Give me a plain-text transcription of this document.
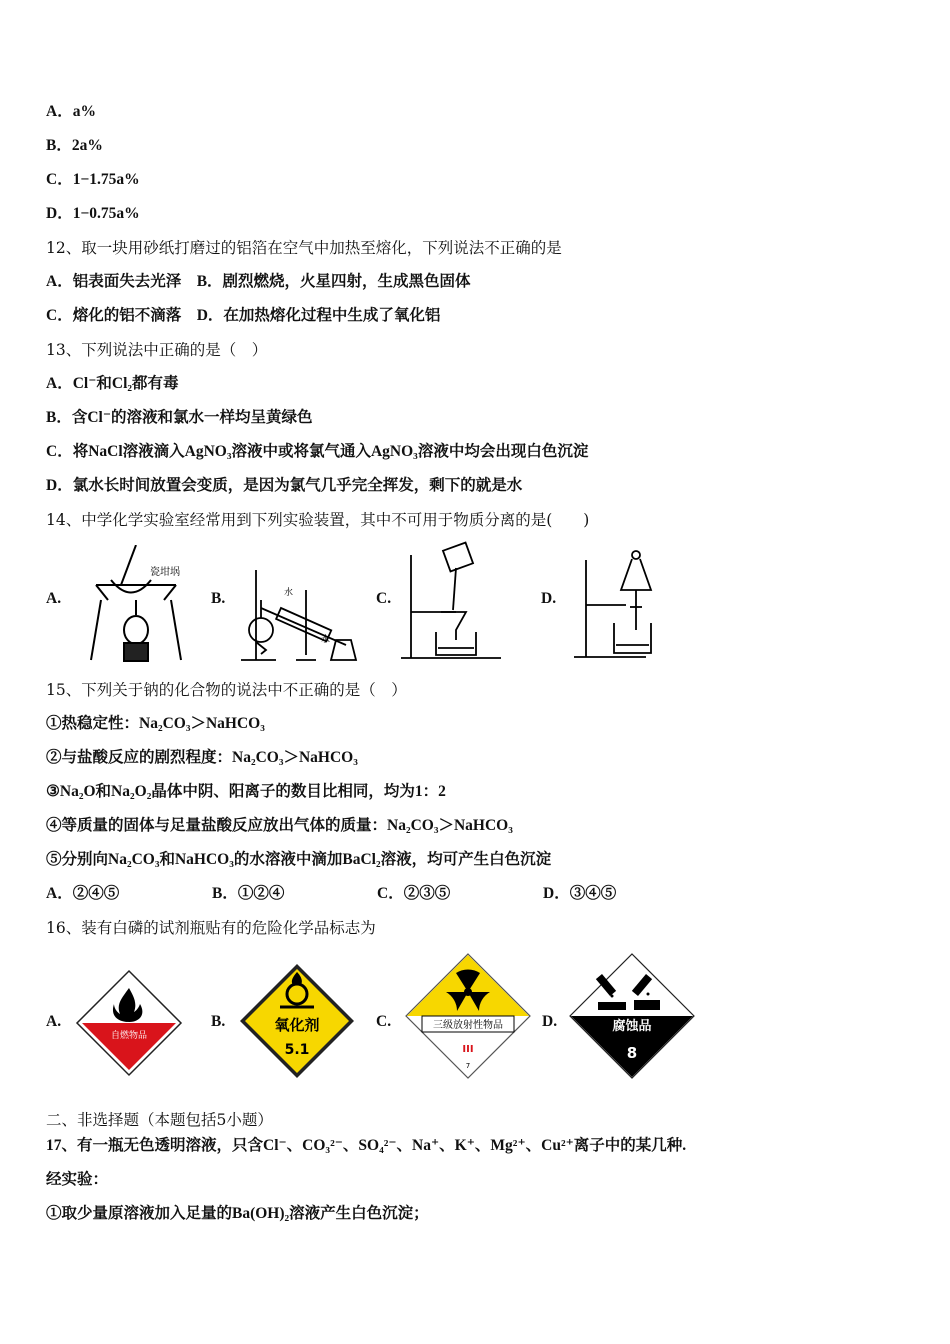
A．a%
B．2a%
C．1−1.75a%
D．1−0.75a%
12、取一块用砂纸打磨过的铝箔在空气中加热至熔化，下列说法不正确的是
A．铝表面失去光泽　B．剧烈燃烧，火星四射，生成黑色固体
C．熔化的铝不滴落　D．在加热熔化过程中生成了氧化铝
13、下列说法中正确的是（　）
A．Cl⁻和Cl₂都有毒
B．含Cl⁻的溶液和氯水一样均呈黄绿色
C．将NaCl溶液滴入AgNO₃溶液中或将氯气通入AgNO₃溶液中均会出现白色沉淀
D．氯水长时间放置会变质，是因为氯气几乎完全挥发，剩下的就是水
14、中学化学实验室经常用到下列实验装置，其中不可用于物质分离的是(　　)
A.
瓷坩埚
B.	水
水
C.	D.
15、下列关于钠的化合物的说法中不正确的是（　）
①热稳定性：Na₂CO₃＞NaHCO₃
②与盐酸反应的剧烈程度：Na₂CO₃＞NaHCO₃
③Na₂O和Na₂O₂晶体中阴、阳离子的数目比相同，均为1：2
④等质量的固体与足量盐酸反应放出气体的质量：Na₂CO₃＞NaHCO₃
⑤分别向Na₂CO₃和NaHCO₃的水溶液中滴加BaCl₂溶液，均可产生白色沉淀
A．②④⑤	B．①②④	C．②③⑤	D．③④⑤
16、装有白磷的试剂瓶贴有的危险化学品标志为
A.
自燃物品
B.	氧化剂
5.1
C.	三级放射性物品
III
7
D.	腐蚀品
8
二、非选择题（本题包括5小题）
17、有一瓶无色透明溶液，只含Cl⁻、CO₃²⁻、SO₄²⁻、Na⁺、K⁺、Mg²⁺、Cu²⁺离子中的某几种.
经实验：
①取少量原溶液加入足量的Ba(OH)₂溶液产生白色沉淀；
